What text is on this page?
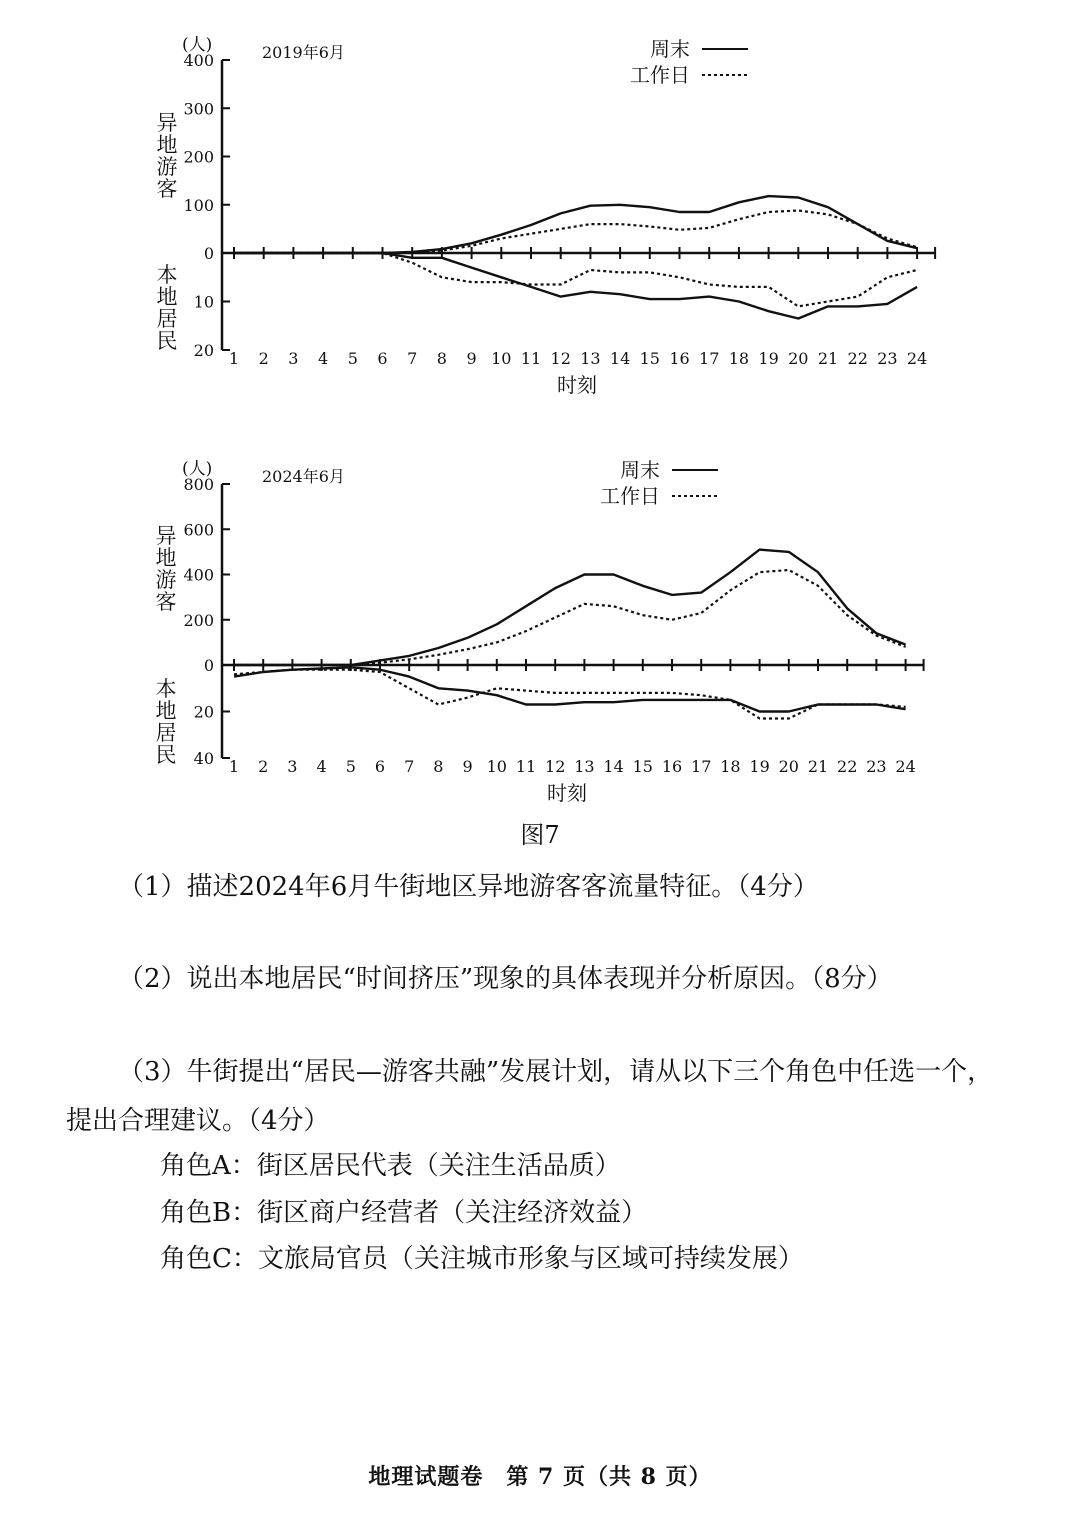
(人)	2019年6月
400
300
200
100
0
10
20
异
地
游
客
本
地
居
民
1 2 3 4 5 6 7 8 9 10 11 12 13 14 15 16 17 18 19 20 21 22 23 24
时刻
周末
工作日
(人)	2024年6月
800
600
400
200
0
20
40
异
地
游
客
本
地
居
民	1 2 3 4 5 6 7 8 9 10 11 12 13 14 15 16 17 18 19 20 21 22 23 24
时刻
周末
工作日
图7
（1）描述2024年6月牛街地区异地游客客流量特征。（4分）
（2）说出本地居民“时间挤压”现象的具体表现并分析原因。（8分）
（3）牛街提出“居民—游客共融”发展计划，请从以下三个角色中任选一个，
提出合理建议。（4分）
角色A：街区居民代表（关注生活品质）
角色B：街区商户经营者（关注经济效益）
角色C：文旅局官员（关注城市形象与区域可持续发展）
地理试题卷　第 7 页（共 8 页）
